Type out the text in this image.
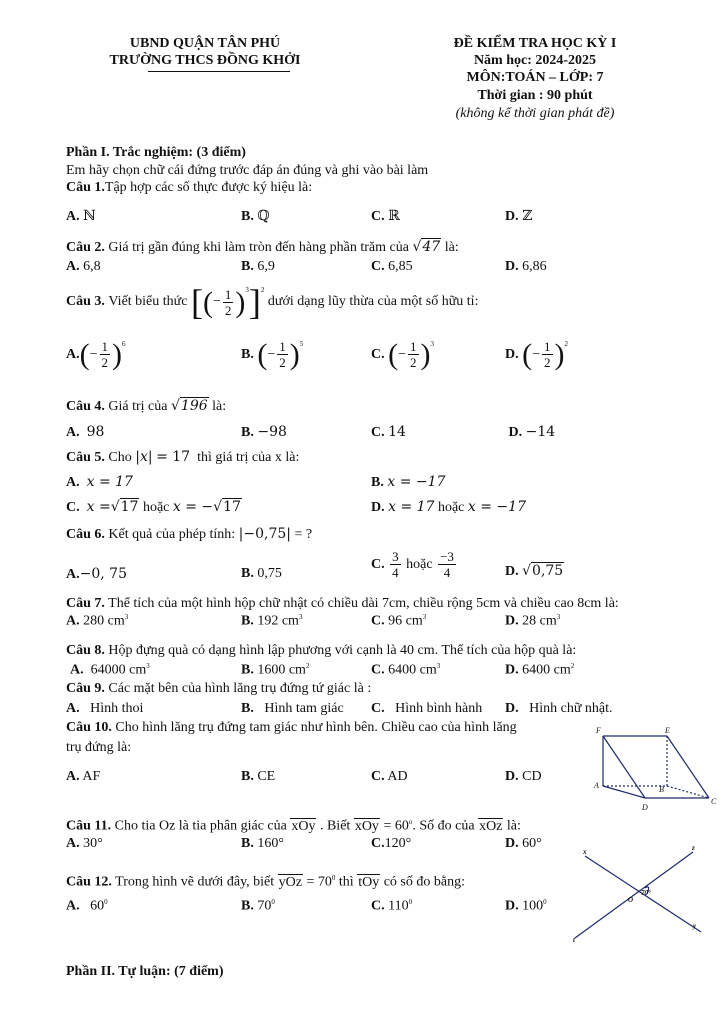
UBND QUẬN TÂN PHÚ
TRƯỜNG THCS ĐỒNG KHỞI
ĐỀ KIỂM TRA HỌC KỲ I
Năm học: 2024-2025
MÔN:TOÁN – LỚP: 7
Thời gian : 90 phút
(không kể thời gian phát đề)
Phần I. Trắc nghiệm: (3 điểm)
Em hãy chọn chữ cái đứng trước đáp án đúng và ghi vào bài làm
Câu 1.Tập hợp các số thực được ký hiệu là:
A. ℕ	B. ℚ	C. ℝ	D. ℤ
Câu 2. Giá trị gần đúng khi làm tròn đến hàng phần trăm của √47 là:
A. 6,8	B. 6,9	C. 6,85	D. 6,86
Câu 3.
Viết biểu thức
[ ( − $\frac{1}{2}$ ) 3 ] 2

dưới dạng lũy thừa của một số hữu tỉ:
A. ( − $\frac{1}{2}$ ) 6
B.
( − $\frac{1}{2}$ ) 5
C.
( − $\frac{1}{2}$ ) 3
D.
( − $\frac{1}{2}$ ) 2
Câu 4. Giá trị của √196 là:
A. 98	B. −98	C. 14	D. −14
Câu 5. Cho |x| = 17 thì giá trị của x là:
A. x = 17	B. x = −17
C. x =√17 hoặc x = −√17	D. x = 17 hoặc x = −17
Câu 6. Kết quả của phép tính: |−0,75| = ?
A.−0, 75	B. 0,75
C.
$\frac{3}{4}$
hoặc
$\frac{-3}{4}$	D. √0,75
Câu 7. Thể tích của một hình hộp chữ nhật có chiều dài 7cm, chiều rộng 5cm và chiều cao 8cm là:
A. 280 $cm^3$	B. 192 $cm^3$	C. 96 $cm^3$	D. 28 $cm^3$
Câu 8. Hộp đựng quà có dạng hình lập phương với cạnh là 40 cm. Thể tích của hộp quà là:
A. 64000 $cm^3$	B. 1600 $cm^2$	C. 6400 $cm^3$	D. 6400 $cm^2$
Câu 9. Các mặt bên của hình lăng trụ đứng tứ giác là :
A. Hình thoi	B. Hình tam giác C. Hình bình hành D. Hình chữ nhật.
Câu 10. Cho hình lăng trụ đứng tam giác như hình bên. Chiều cao của hình lăng
trụ đứng là:
A. AF	B. CE	C. AD	D. CD
F	E
A	B
C
D
Câu 11. Cho tia Oz là tia phân giác của xOy . Biết xOy = $60^o$. Số đo của xOz là:
A. 30°	B. 160°	C.120°	D. 60°
Câu 12. Trong hình vẽ dưới đây, biết yOz = $70^0$ thì tOy có số đo bằng:
A. $60^0$	B. $70^0$	C. $110^0$	D. $100^0$
x	z
y
t
O
70°
Phần II. Tự luận: (7 điểm)
